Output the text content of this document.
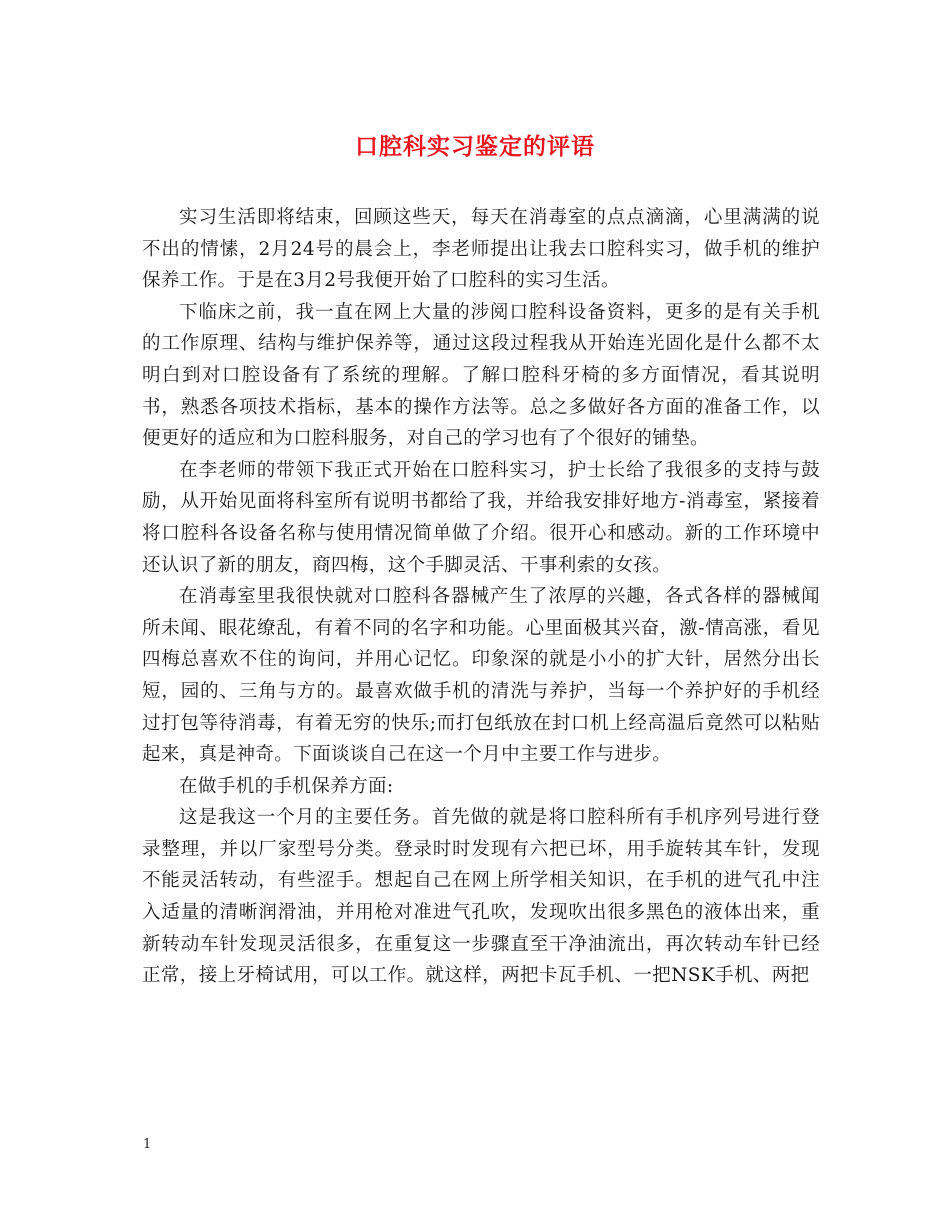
口腔科实习鉴定的评语

实习生活即将结束，回顾这些天，每天在消毒室的点点滴滴，心里满满的说不出的情愫，2月24号的晨会上，李老师提出让我去口腔科实习，做手机的维护保养工作。于是在3月2号我便开始了口腔科的实习生活。

下临床之前，我一直在网上大量的涉阅口腔科设备资料，更多的是有关手机的工作原理、结构与维护保养等，通过这段过程我从开始连光固化是什么都不太明白到对口腔设备有了系统的理解。了解口腔科牙椅的多方面情况，看其说明书，熟悉各项技术指标，基本的操作方法等。总之多做好各方面的准备工作，以便更好的适应和为口腔科服务，对自己的学习也有了个很好的铺垫。

在李老师的带领下我正式开始在口腔科实习，护士长给了我很多的支持与鼓励，从开始见面将科室所有说明书都给了我，并给我安排好地方-消毒室，紧接着将口腔科各设备名称与使用情况简单做了介绍。很开心和感动。新的工作环境中还认识了新的朋友，商四梅，这个手脚灵活、干事利索的女孩。

在消毒室里我很快就对口腔科各器械产生了浓厚的兴趣，各式各样的器械闻所未闻、眼花缭乱，有着不同的名字和功能。心里面极其兴奋，激-情高涨，看见四梅总喜欢不住的询问，并用心记忆。印象深的就是小小的扩大针，居然分出长短，园的、三角与方的。最喜欢做手机的清洗与养护，当每一个养护好的手机经过打包等待消毒，有着无穷的快乐;而打包纸放在封口机上经高温后竟然可以粘贴起来，真是神奇。下面谈谈自己在这一个月中主要工作与进步。

在做手机的手机保养方面:

这是我这一个月的主要任务。首先做的就是将口腔科所有手机序列号进行登录整理，并以厂家型号分类。登录时时发现有六把已坏，用手旋转其车针，发现不能灵活转动，有些涩手。想起自己在网上所学相关知识，在手机的进气孔中注入适量的清晰润滑油，并用枪对准进气孔吹，发现吹出很多黑色的液体出来，重新转动车针发现灵活很多，在重复这一步骤直至干净油流出，再次转动车针已经正常，接上牙椅试用，可以工作。就这样，两把卡瓦手机、一把NSK手机、两把

1
